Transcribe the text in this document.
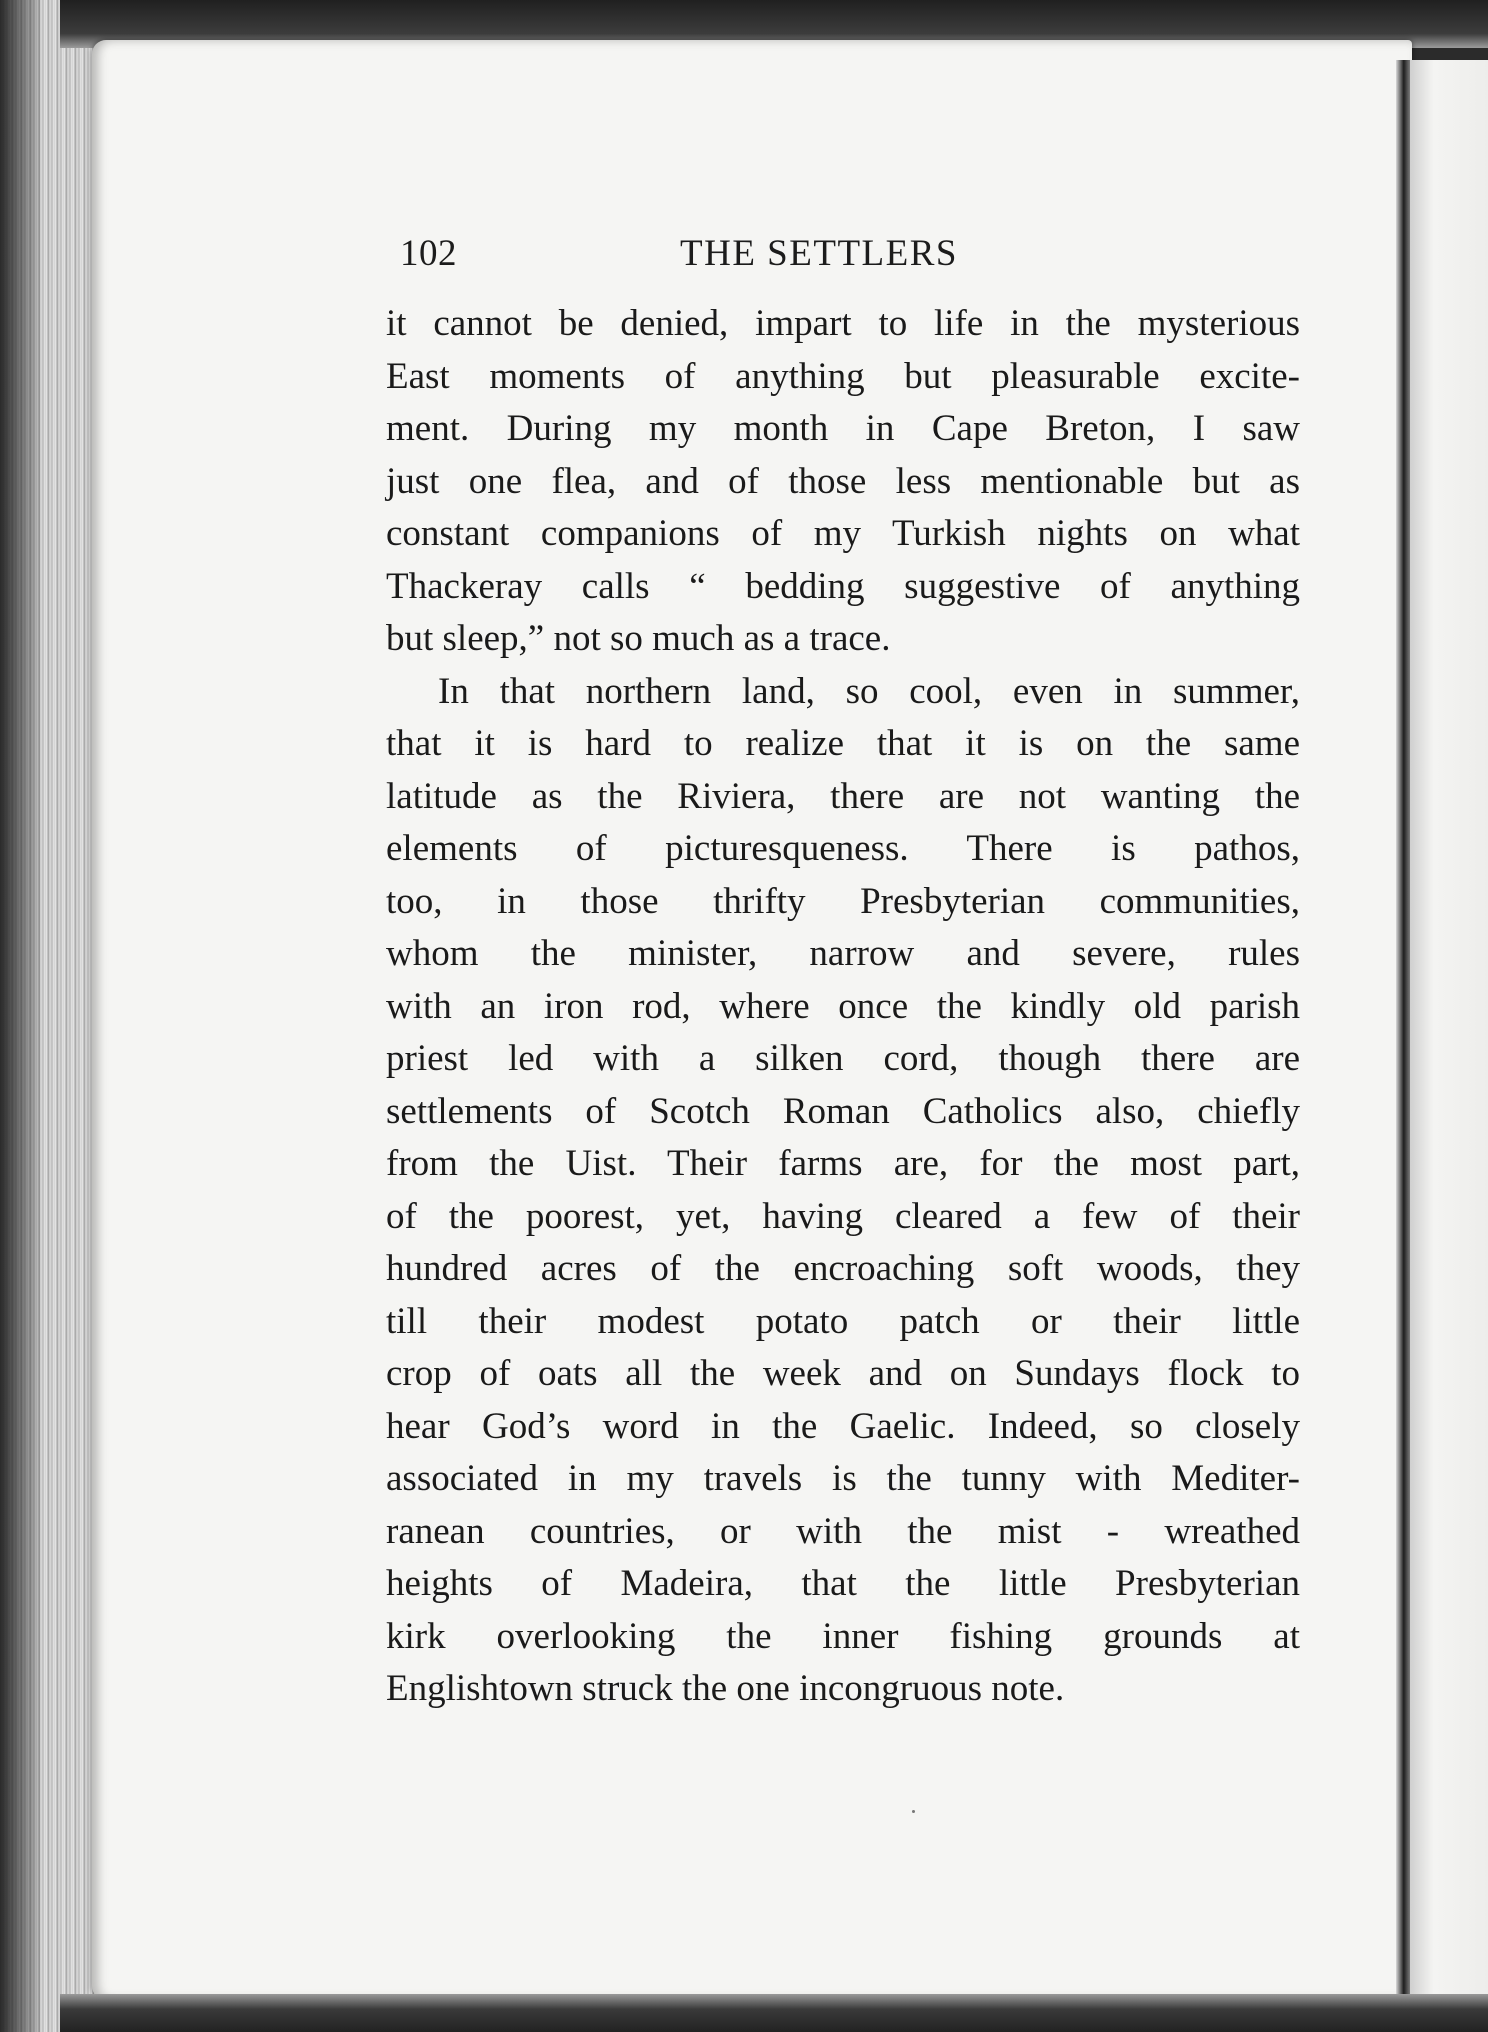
102	THE SETTLERS
it cannot be denied, impart to life in the mysterious
East moments of anything but pleasurable excite-
ment. During my month in Cape Breton, I saw
just one flea, and of those less mentionable but as
constant companions of my Turkish nights on what
Thackeray calls “ bedding suggestive of anything
but sleep,” not so much as a trace.
In that northern land, so cool, even in summer,
that it is hard to realize that it is on the same
latitude as the Riviera, there are not wanting the
elements of picturesqueness. There is pathos,
too, in those thrifty Presbyterian communities,
whom the minister, narrow and severe, rules
with an iron rod, where once the kindly old parish
priest led with a silken cord, though there are
settlements of Scotch Roman Catholics also, chiefly
from the Uist. Their farms are, for the most part,
of the poorest, yet, having cleared a few of their
hundred acres of the encroaching soft woods, they
till their modest potato patch or their little
crop of oats all the week and on Sundays flock to
hear God’s word in the Gaelic. Indeed, so closely
associated in my travels is the tunny with Mediter-
ranean countries, or with the mist - wreathed
heights of Madeira, that the little Presbyterian
kirk overlooking the inner fishing grounds at
Englishtown struck the one incongruous note.
